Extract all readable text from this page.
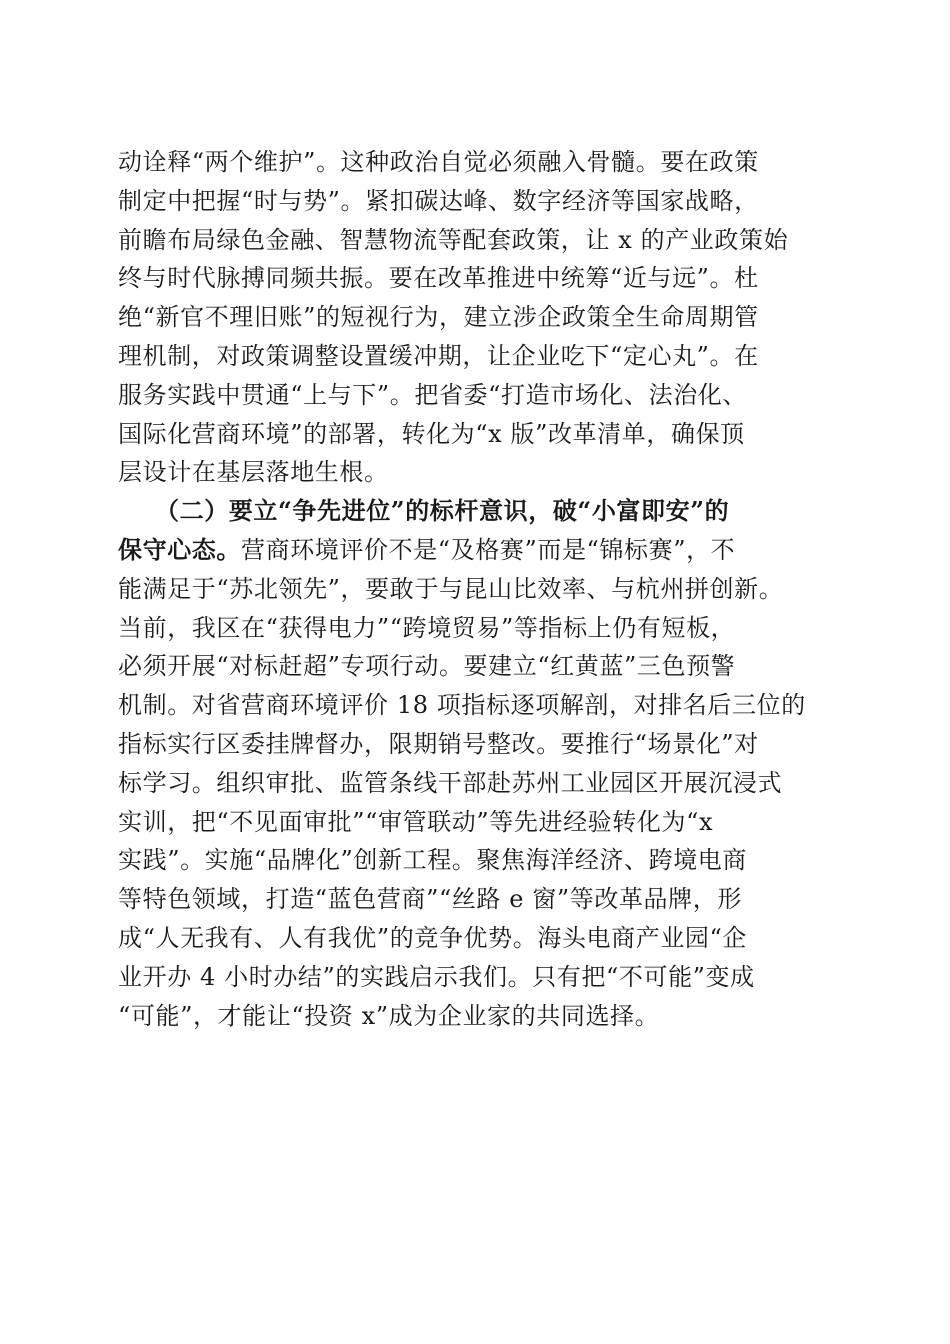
动诠释“两个维护”。这种政治自觉必须融入骨髓。要在政策
制定中把握“时与势”。紧扣碳达峰、数字经济等国家战略，
前瞻布局绿色金融、智慧物流等配套政策，让 x 的产业政策始
终与时代脉搏同频共振。要在改革推进中统筹“近与远”。杜
绝“新官不理旧账”的短视行为，建立涉企政策全生命周期管
理机制，对政策调整设置缓冲期，让企业吃下“定心丸”。在
服务实践中贯通“上与下”。把省委“打造市场化、法治化、
国际化营商环境”的部署，转化为“x 版”改革清单，确保顶
层设计在基层落地生根。
（二）要立“争先进位”的标杆意识，破“小富即安”的
保守心态。营商环境评价不是“及格赛”而是“锦标赛”，不
能满足于“苏北领先”，要敢于与昆山比效率、与杭州拼创新。
当前，我区在“获得电力”“跨境贸易”等指标上仍有短板，
必须开展“对标赶超”专项行动。要建立“红黄蓝”三色预警
机制。对省营商环境评价 18 项指标逐项解剖，对排名后三位的
指标实行区委挂牌督办，限期销号整改。要推行“场景化”对
标学习。组织审批、监管条线干部赴苏州工业园区开展沉浸式
实训，把“不见面审批”“审管联动”等先进经验转化为“x
实践”。实施“品牌化”创新工程。聚焦海洋经济、跨境电商
等特色领域，打造“蓝色营商”“丝路 e 窗”等改革品牌，形
成“人无我有、人有我优”的竞争优势。海头电商产业园“企
业开办 4 小时办结”的实践启示我们。只有把“不可能”变成
“可能”，才能让“投资 x”成为企业家的共同选择。
